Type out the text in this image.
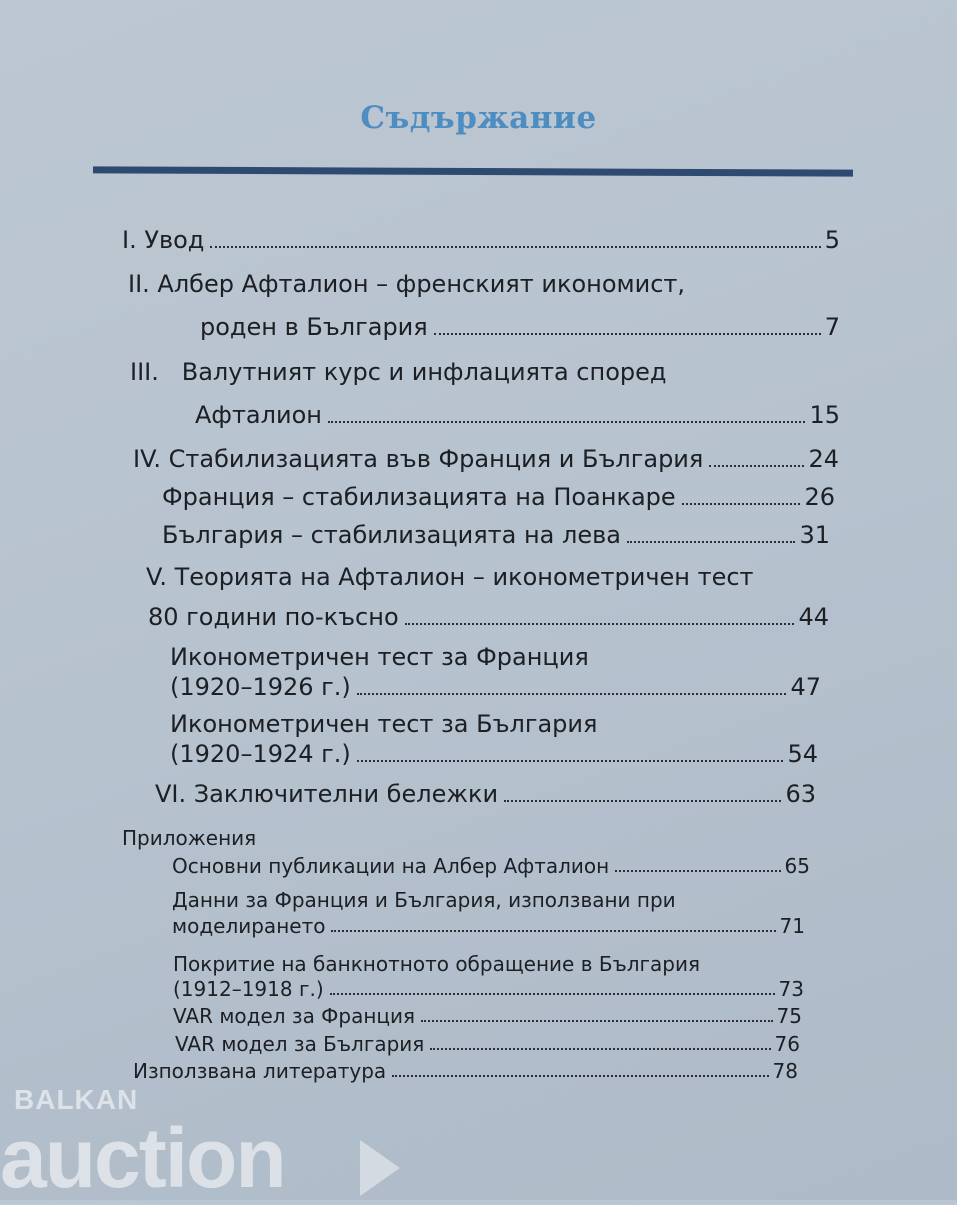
Съдържание
I. Увод	5
II. Албер Афталион – френският икономист,
роден в България	7
III.   Валутният курс и инфлацията според
Афталион	15
IV. Стабилизацията във Франция и България	24
Франция – стабилизацията на Поанкаре	26
България – стабилизацията на лева	31
V. Теорията на Афталион – иконометричен тест
80 години по-късно	44
Иконометричен тест за Франция
(1920–1926 г.)	47
Иконометричен тест за България
(1920–1924 г.)	54
VI. Заключителни бележки	63
Приложения
Основни публикации на Албер Афталион	65
Данни за Франция и България, използвани при
моделирането	71
Покритие на банкнотното обращение в България
(1912–1918 г.)	73
VAR модел за Франция	75
VAR модел за България	76
Използвана литература	78
BALKAN
auction
